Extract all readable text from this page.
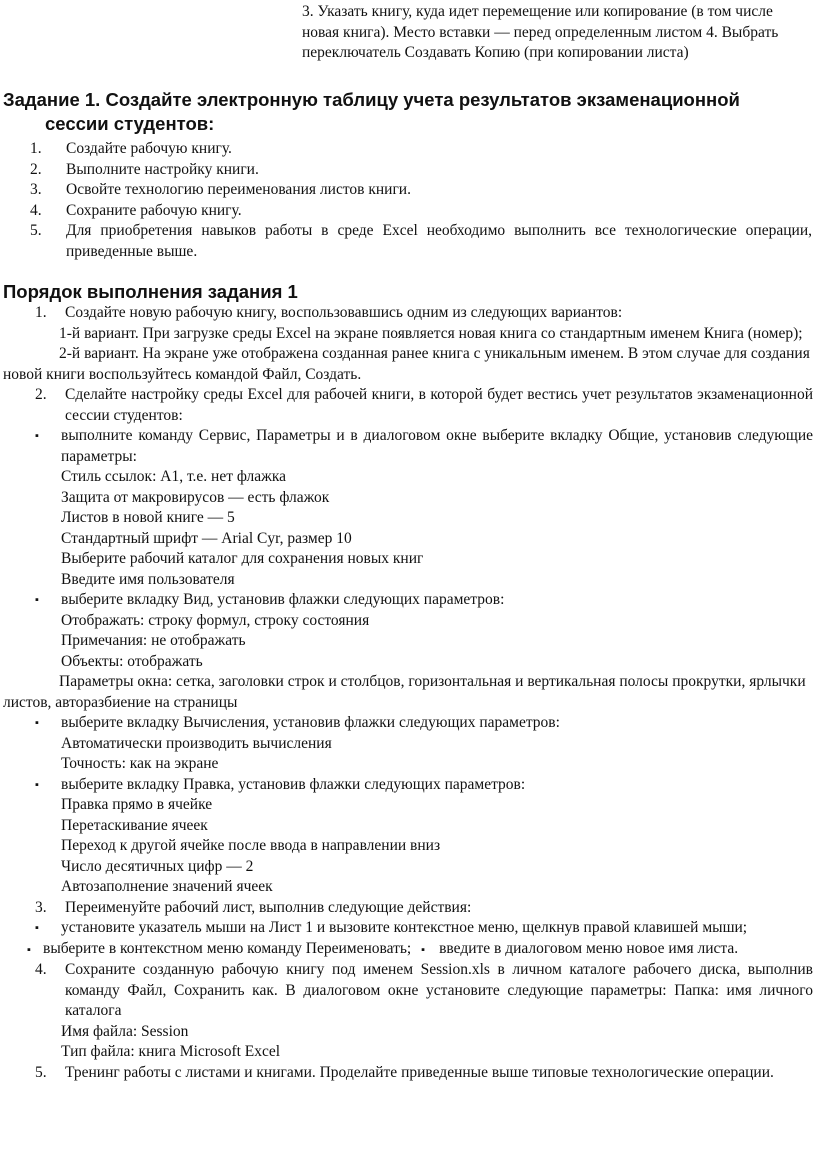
3. Указать книгу, куда идет перемещение или копирование (в том числе новая книга). Место вставки — перед определенным листом 4. Выбрать переключатель Создавать Копию (при копировании листа)
Задание 1. Создайте электронную таблицу учета результатов экзаменационной
сессии студентов:
1.	Создайте рабочую книгу.
2.	Выполните настройку книги.
3.	Освойте технологию переименования листов книги.
4.	Сохраните рабочую книгу.
5.	Для приобретения навыков работы в среде Excel необходимо выполнить все технологические операции, приведенные выше.
Порядок выполнения задания 1
1. Создайте новую рабочую книгу, воспользовавшись одним из следующих вариантов:
1-й вариант. При загрузке среды Excel на экране появляется новая книга со стандартным именем Книга (номер);
2-й вариант. На экране уже отображена созданная ранее книга с уникальным именем. В этом случае для создания новой книги воспользуйтесь командой Файл, Создать.
2. Сделайте настройку среды Excel для рабочей книги, в которой будет вестись учет результатов экзаменационной сессии студентов:
▪ выполните команду Сервис, Параметры и в диалоговом окне выберите вкладку Общие, установив следующие параметры:
Стиль ссылок: А1, т.е. нет флажка
Защита от макровирусов — есть флажок
Листов в новой книге — 5
Стандартный шрифт — Arial Cyr, размер 10
Выберите рабочий каталог для сохранения новых книг
Введите имя пользователя
▪ выберите вкладку Вид, установив флажки следующих параметров:
Отображать: строку формул, строку состояния
Примечания: не отображать
Объекты: отображать
Параметры окна: сетка, заголовки строк и столбцов, горизонтальная и вертикальная полосы прокрутки, ярлычки листов, авторазбиение на страницы
▪ выберите вкладку Вычисления, установив флажки следующих параметров:
Автоматически производить вычисления
Точность: как на экране
▪ выберите вкладку Правка, установив флажки следующих параметров:
Правка прямо в ячейке
Перетаскивание ячеек
Переход к другой ячейке после ввода в направлении вниз
Число десятичных цифр — 2
Автозаполнение значений ячеек
3. Переименуйте рабочий лист, выполнив следующие действия:
▪ установите указатель мыши на Лист 1 и вызовите контекстное меню, щелкнув правой клавишей мыши;
▪ выберите в контекстном меню команду Переименовать; ▪ введите в диалоговом меню новое имя листа.
4. Сохраните созданную рабочую книгу под именем Session.xls в личном каталоге рабочего диска, выполнив команду Файл, Сохранить как. В диалоговом окне установите следующие параметры: Папка: имя личного каталога
Имя файла: Session
Тип файла: книга Microsoft Excel
5. Тренинг работы с листами и книгами. Проделайте приведенные выше типовые технологические операции.
